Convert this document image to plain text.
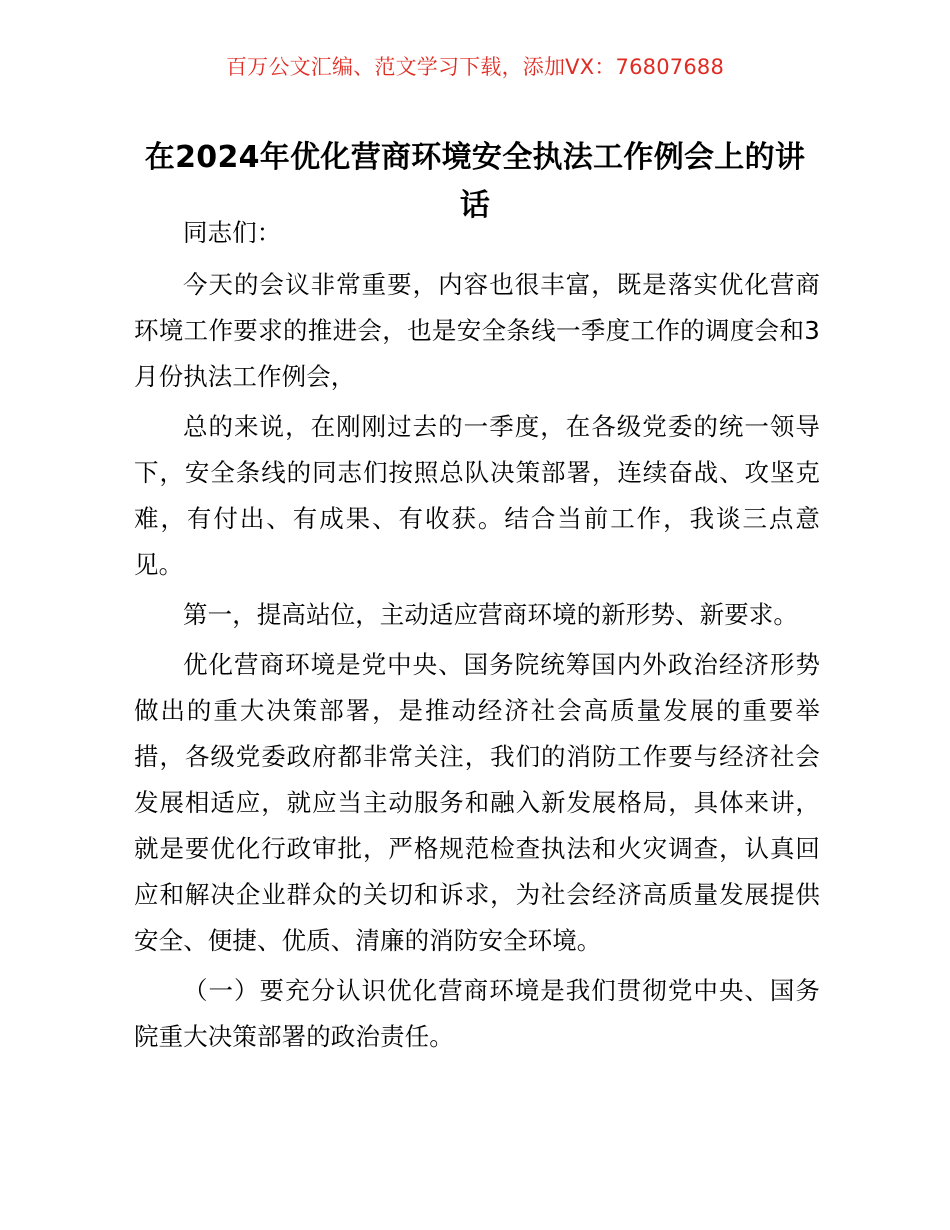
百万公文汇编、范文学习下载，添加VX：76807688
在2024年优化营商环境安全执法工作例会上的讲话

同志们：

今天的会议非常重要，内容也很丰富，既是落实优化营商环境工作要求的推进会，也是安全条线一季度工作的调度会和3月份执法工作例会，

总的来说，在刚刚过去的一季度，在各级党委的统一领导下，安全条线的同志们按照总队决策部署，连续奋战、攻坚克难，有付出、有成果、有收获。结合当前工作，我谈三点意见。

第一，提高站位，主动适应营商环境的新形势、新要求。

优化营商环境是党中央、国务院统筹国内外政治经济形势做出的重大决策部署，是推动经济社会高质量发展的重要举措，各级党委政府都非常关注，我们的消防工作要与经济社会发展相适应，就应当主动服务和融入新发展格局，具体来讲，就是要优化行政审批，严格规范检查执法和火灾调查，认真回应和解决企业群众的关切和诉求，为社会经济高质量发展提供安全、便捷、优质、清廉的消防安全环境。

（一）要充分认识优化营商环境是我们贯彻党中央、国务院重大决策部署的政治责任。
